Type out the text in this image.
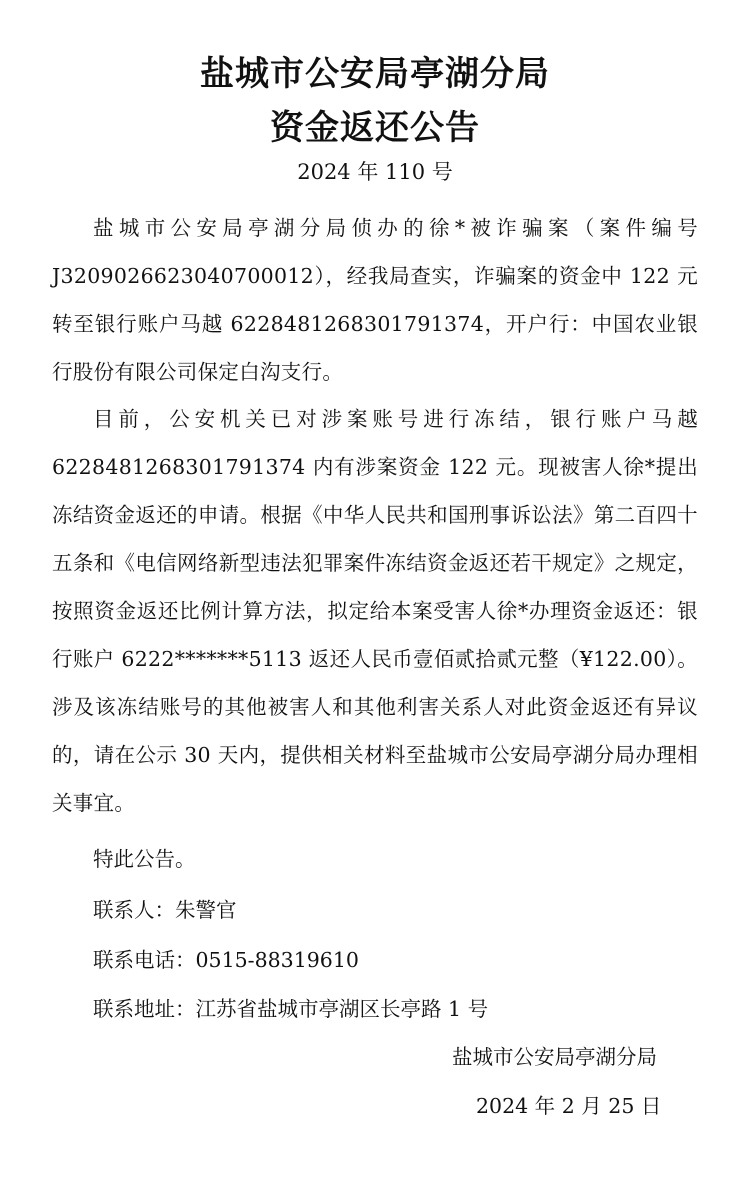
盐城市公安局亭湖分局
资金返还公告
2024 年 110 号

盐城市公安局亭湖分局侦办的徐*被诈骗案（案件编号J3209026623040700012），经我局查实，诈骗案的资金中 122 元转至银行账户马越 6228481268301791374，开户行：中国农业银行股份有限公司保定白沟支行。

目前，公安机关已对涉案账号进行冻结，银行账户马越6228481268301791374 内有涉案资金 122 元。现被害人徐*提出冻结资金返还的申请。根据《中华人民共和国刑事诉讼法》第二百四十五条和《电信网络新型违法犯罪案件冻结资金返还若干规定》之规定，按照资金返还比例计算方法，拟定给本案受害人徐*办理资金返还：银行账户 6222*******5113 返还人民币壹佰贰拾贰元整（¥122.00）。涉及该冻结账号的其他被害人和其他利害关系人对此资金返还有异议的，请在公示 30 天内，提供相关材料至盐城市公安局亭湖分局办理相关事宜。

特此公告。
联系人：朱警官
联系电话：0515-88319610
联系地址：江苏省盐城市亭湖区长亭路 1 号
盐城市公安局亭湖分局
2024 年 2 月 25 日
